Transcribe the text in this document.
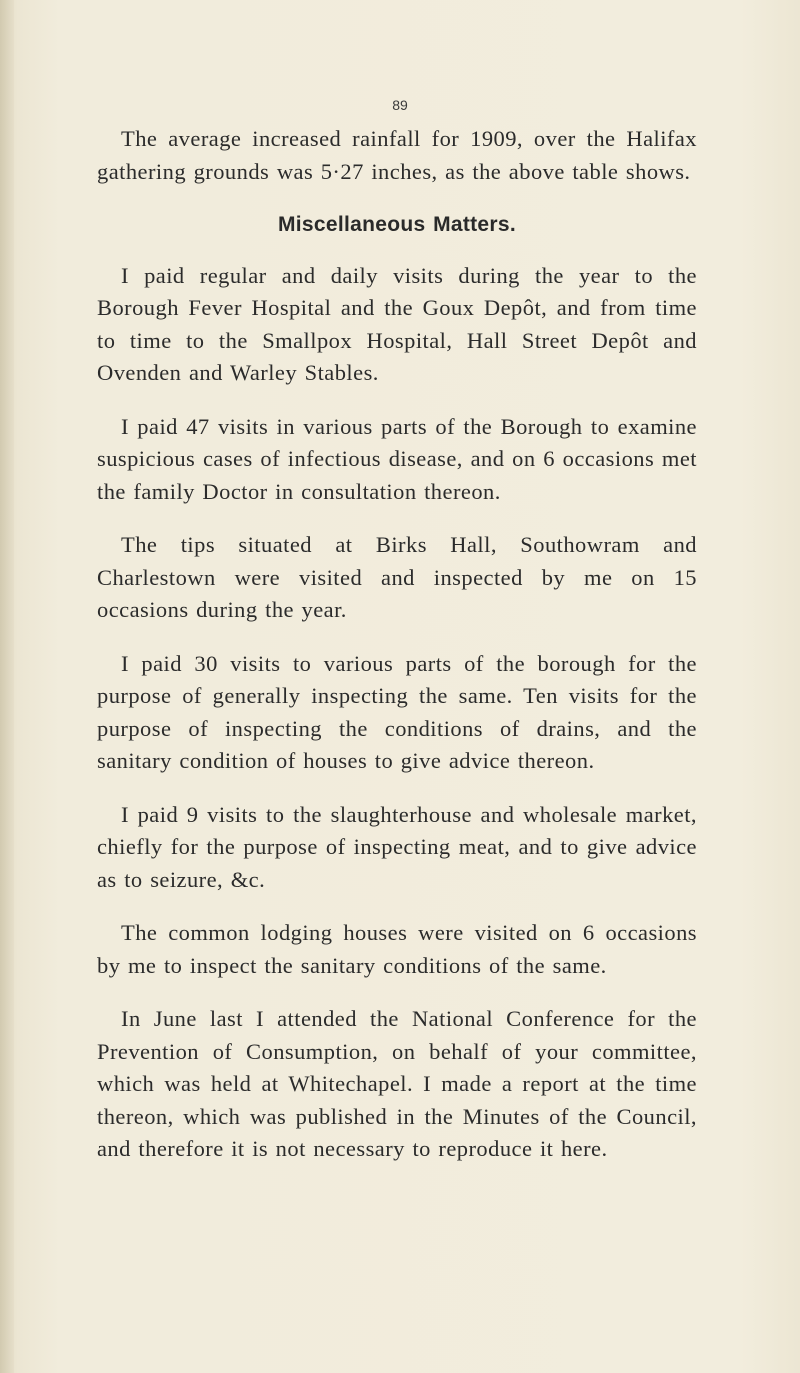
89

The average increased rainfall for 1909, over the Halifax gathering grounds was 5·27 inches, as the above table shows.

Miscellaneous Matters.

I paid regular and daily visits during the year to the Borough Fever Hospital and the Goux Depôt, and from time to time to the Smallpox Hospital, Hall Street Depôt and Ovenden and Warley Stables.

I paid 47 visits in various parts of the Borough to examine suspicious cases of infectious disease, and on 6 occasions met the family Doctor in consultation thereon.

The tips situated at Birks Hall, Southowram and Charlestown were visited and inspected by me on 15 occasions during the year.

I paid 30 visits to various parts of the borough for the purpose of generally inspecting the same. Ten visits for the purpose of inspecting the conditions of drains, and the sanitary condition of houses to give advice thereon.

I paid 9 visits to the slaughterhouse and wholesale market, chiefly for the purpose of inspecting meat, and to give advice as to seizure, &c.

The common lodging houses were visited on 6 occasions by me to inspect the sanitary conditions of the same.

In June last I attended the National Conference for the Prevention of Consumption, on behalf of your committee, which was held at Whitechapel. I made a report at the time thereon, which was published in the Minutes of the Council, and therefore it is not necessary to reproduce it here.
